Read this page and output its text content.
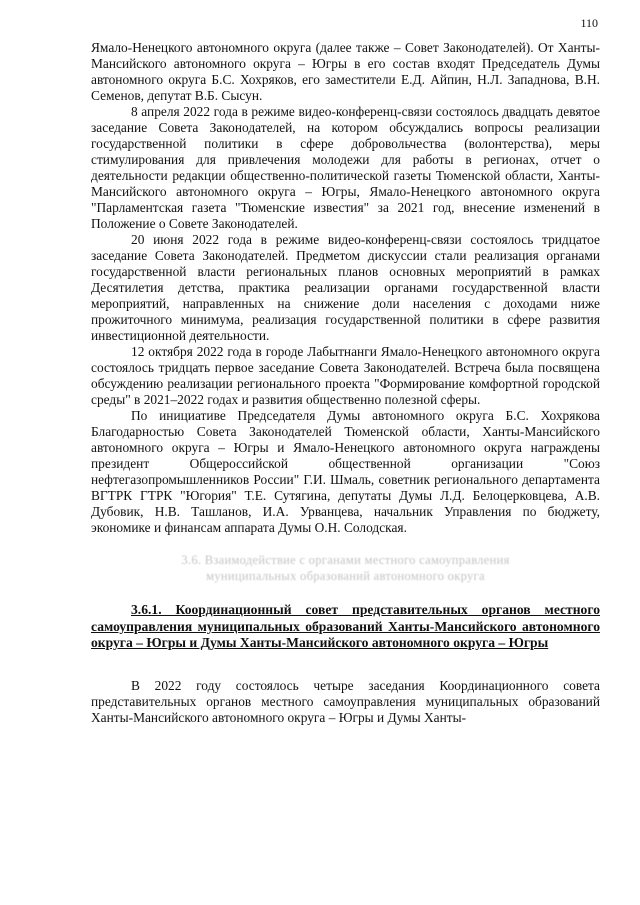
110

Ямало-Ненецкого автономного округа (далее также – Совет Законодателей). От Ханты-Мансийского автономного округа – Югры в его состав входят Председатель Думы автономного округа Б.С. Хохряков, его заместители Е.Д. Айпин, Н.Л. Западнова, В.Н. Семенов, депутат В.Б. Сысун.

8 апреля 2022 года в режиме видео-конференц-связи состоялось двадцать девятое заседание Совета Законодателей, на котором обсуждались вопросы реализации государственной политики в сфере добровольчества (волонтерства), меры стимулирования для привлечения молодежи для работы в регионах, отчет о деятельности редакции общественно-политической газеты Тюменской области, Ханты-Мансийского автономного округа – Югры, Ямало-Ненецкого автономного округа "Парламентская газета "Тюменские известия" за 2021 год, внесение изменений в Положение о Совете Законодателей.

20 июня 2022 года в режиме видео-конференц-связи состоялось тридцатое заседание Совета Законодателей. Предметом дискуссии стали реализация органами государственной власти региональных планов основных мероприятий в рамках Десятилетия детства, практика реализации органами государственной власти мероприятий, направленных на снижение доли населения с доходами ниже прожиточного минимума, реализация государственной политики в сфере развития инвестиционной деятельности.

12 октября 2022 года в городе Лабытнанги Ямало-Ненецкого автономного округа состоялось тридцать первое заседание Совета Законодателей. Встреча была посвящена обсуждению реализации регионального проекта "Формирование комфортной городской среды" в 2021–2022 годах и развития общественно полезной сферы.

По инициативе Председателя Думы автономного округа Б.С. Хохрякова Благодарностью Совета Законодателей Тюменской области, Ханты-Мансийского автономного округа – Югры и Ямало-Ненецкого автономного округа награждены президент Общероссийской общественной организации "Союз нефтегазопромышленников России" Г.И. Шмаль, советник регионального департамента ВГТРК ГТРК "Югория" Т.Е. Сутягина, депутаты Думы Л.Д. Белоцерковцева, А.В. Дубовик, Н.В. Ташланов, И.А. Урванцева, начальник Управления по бюджету, экономике и финансам аппарата Думы О.Н. Солодская.

3.6. Взаимодействие с органами местного самоуправления
муниципальных образований автономного округа
3.6.1. Координационный совет представительных органов местного самоуправления муниципальных образований Ханты-Мансийского автономного округа – Югры и Думы Ханты-Мансийского автономного округа – Югры

В 2022 году состоялось четыре заседания Координационного совета представительных органов местного самоуправления муниципальных образований Ханты-Мансийского автономного округа – Югры и Думы Ханты-
